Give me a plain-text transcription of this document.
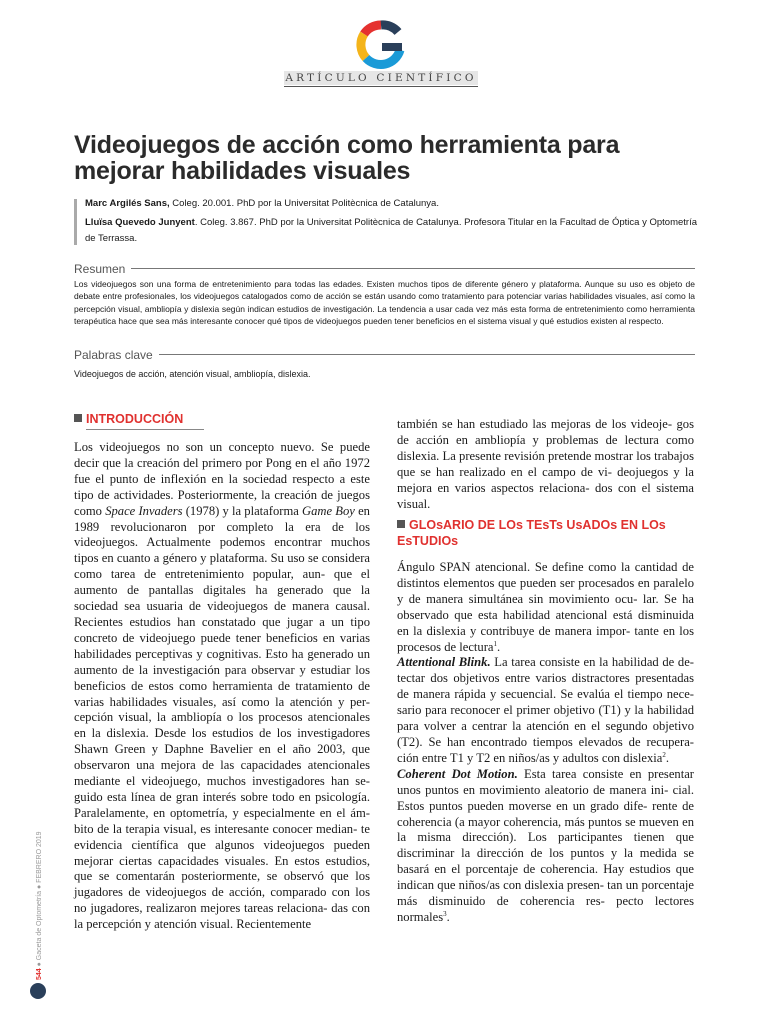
ARTÍCULO CIENTÍFICO
Videojuegos de acción como herramienta para mejorar habilidades visuales

Marc Argilés Sans, Coleg. 20.001. PhD por la Universitat Politècnica de Catalunya.

Lluïsa Quevedo Junyent. Coleg. 3.867. PhD por la Universitat Politècnica de Catalunya. Profesora Titular en la Facultad de Óptica y Optometría de Terrassa.

Resumen

Los videojuegos son una forma de entretenimiento para todas las edades. Existen muchos tipos de diferente género y plataforma. Aunque su uso es objeto de debate entre profesionales, los videojuegos catalogados como de acción se están usando como tratamiento para potenciar varias habilidades visuales, así como la percepción visual, ambliopía y dislexia según indican estudios de investigación. La tendencia a usar cada vez más esta forma de entretenimiento como herramienta terapéutica hace que sea más interesante conocer qué tipos de videojuegos pueden tener beneficios en el sistema visual y qué estudios existen al respecto.

Palabras clave

Videojuegos de acción, atención visual, ambliopía, dislexia.

INTRODUCCIÓN

Los videojuegos no son un concepto nuevo. Se puede decir que la creación del primero por Pong en el año 1972 fue el punto de inflexión en la sociedad respecto a este tipo de actividades. Posteriormente, la creación de juegos como Space Invaders (1978) y la plataforma Game Boy en 1989 revolucionaron por completo la era de los videojuegos. Actualmente podemos encontrar muchos tipos en cuanto a género y plataforma. Su uso se considera como tarea de entretenimiento popular, aun- que el aumento de pantallas digitales ha generado que la sociedad sea usuaria de videojuegos de manera causal. Recientes estudios han constatado que jugar a un tipo concreto de videojuego puede tener beneficios en varias habilidades perceptivas y cognitivas. Esto ha generado un aumento de la investigación para observar y estudiar los beneficios de estos como herramienta de tratamiento de varias habilidades visuales, así como la atención y per- cepción visual, la ambliopía o los procesos atencionales en la dislexia. Desde los estudios de los investigadores Shawn Green y Daphne Bavelier en el año 2003, que observaron una mejora de las capacidades atencionales mediante el videojuego, muchos investigadores han se- guido esta línea de gran interés sobre todo en psicología. Paralelamente, en optometría, y especialmente en el ám- bito de la terapia visual, es interesante conocer median- te evidencia científica que algunos videojuegos pueden mejorar ciertas capacidades visuales. En estos estudios, que se comentarán posteriormente, se observó que los jugadores de videojuegos de acción, comparado con los no jugadores, realizaron mejores tareas relaciona- das con la percepción y atención visual. Recientemente

también se han estudiado las mejoras de los videoje- gos de acción en ambliopía y problemas de lectura como dislexia. La presente revisión pretende mostrar los trabajos que se han realizado en el campo de vi- deojuegos y la mejora en varios aspectos relaciona- dos con el sistema visual.

GLOsARIO DE LOs TEsTs UsADOs EN LOs EsTUDIOs

Ángulo SPAN atencional. Se define como la cantidad de distintos elementos que pueden ser procesados en paralelo y de manera simultánea sin movimiento ocu- lar. Se ha observado que esta habilidad atencional está disminuida en la dislexia y contribuye de manera impor- tante en los procesos de lectura$^1$.

Attentional Blink. La tarea consiste en la habilidad de de- tectar dos objetivos entre varios distractores presentadas de manera rápida y secuencial. Se evalúa el tiempo nece- sario para reconocer el primer objetivo (T1) y la habilidad para volver a centrar la atención en el segundo objetivo (T2). Se han encontrado tiempos elevados de recupera- ción entre T1 y T2 en niños/as y adultos con dislexia$^2$.

Coherent Dot Motion. Esta tarea consiste en presentar unos puntos en movimiento aleatorio de manera ini- cial. Estos puntos pueden moverse en un grado dife- rente de coherencia (a mayor coherencia, más puntos se mueven en la misma dirección). Los participantes tienen que discriminar la dirección de los puntos y la medida se basará en el porcentaje de coherencia. Hay estudios que indican que niños/as con dislexia presen- tan un porcentaje más disminuido de coherencia res- pecto lectores normales$^3$.

544 ● Gaceta de Optometría ● FEBRERO 2019
